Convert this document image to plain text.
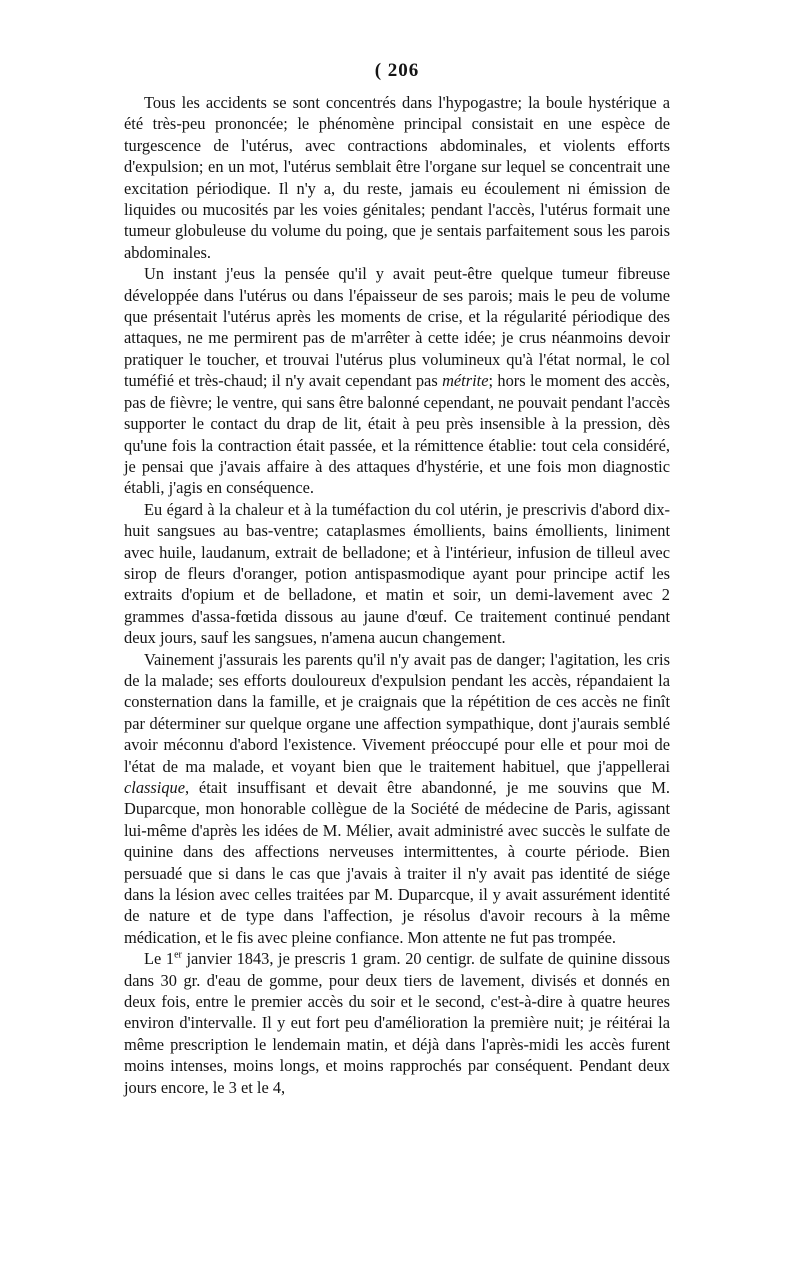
( 206

Tous les accidents se sont concentrés dans l'hypogastre; la boule hystérique a été très-peu prononcée; le phénomène principal consistait en une espèce de turgescence de l'utérus, avec contractions abdominales, et violents efforts d'expulsion; en un mot, l'utérus semblait être l'organe sur lequel se concentrait une excitation périodique. Il n'y a, du reste, jamais eu écoulement ni émission de liquides ou mucosités par les voies génitales; pendant l'accès, l'utérus formait une tumeur globuleuse du volume du poing, que je sentais parfaitement sous les parois abdominales.

Un instant j'eus la pensée qu'il y avait peut-être quelque tumeur fibreuse développée dans l'utérus ou dans l'épaisseur de ses parois; mais le peu de volume que présentait l'utérus après les moments de crise, et la régularité périodique des attaques, ne me permirent pas de m'arrêter à cette idée; je crus néanmoins devoir pratiquer le toucher, et trouvai l'utérus plus volumineux qu'à l'état normal, le col tuméfié et très-chaud; il n'y avait cependant pas métrite; hors le moment des accès, pas de fièvre; le ventre, qui sans être balonné cependant, ne pouvait pendant l'accès supporter le contact du drap de lit, était à peu près insensible à la pression, dès qu'une fois la contraction était passée, et la rémittence établie: tout cela considéré, je pensai que j'avais affaire à des attaques d'hystérie, et une fois mon diagnostic établi, j'agis en conséquence.

Eu égard à la chaleur et à la tuméfaction du col utérin, je prescrivis d'abord dix-huit sangsues au bas-ventre; cataplasmes émollients, bains émollients, liniment avec huile, laudanum, extrait de belladone; et à l'intérieur, infusion de tilleul avec sirop de fleurs d'oranger, potion antispasmodique ayant pour principe actif les extraits d'opium et de belladone, et matin et soir, un demi-lavement avec 2 grammes d'assa-fœtida dissous au jaune d'œuf. Ce traitement continué pendant deux jours, sauf les sangsues, n'amena aucun changement.

Vainement j'assurais les parents qu'il n'y avait pas de danger; l'agitation, les cris de la malade; ses efforts douloureux d'expulsion pendant les accès, répandaient la consternation dans la famille, et je craignais que la répétition de ces accès ne finît par déterminer sur quelque organe une affection sympathique, dont j'aurais semblé avoir méconnu d'abord l'existence. Vivement préoccupé pour elle et pour moi de l'état de ma malade, et voyant bien que le traitement habituel, que j'appellerai classique, était insuffisant et devait être abandonné, je me souvins que M. Duparcque, mon honorable collègue de la Société de médecine de Paris, agissant lui-même d'après les idées de M. Mélier, avait administré avec succès le sulfate de quinine dans des affections nerveuses intermittentes, à courte période. Bien persuadé que si dans le cas que j'avais à traiter il n'y avait pas identité de siége dans la lésion avec celles traitées par M. Duparcque, il y avait assurément identité de nature et de type dans l'affection, je résolus d'avoir recours à la même médication, et le fis avec pleine confiance. Mon attente ne fut pas trompée.

Le 1er janvier 1843, je prescris 1 gram. 20 centigr. de sulfate de quinine dissous dans 30 gr. d'eau de gomme, pour deux tiers de lavement, divisés et donnés en deux fois, entre le premier accès du soir et le second, c'est-à-dire à quatre heures environ d'intervalle. Il y eut fort peu d'amélioration la première nuit; je réitérai la même prescription le lendemain matin, et déjà dans l'après-midi les accès furent moins intenses, moins longs, et moins rapprochés par conséquent. Pendant deux jours encore, le 3 et le 4,
